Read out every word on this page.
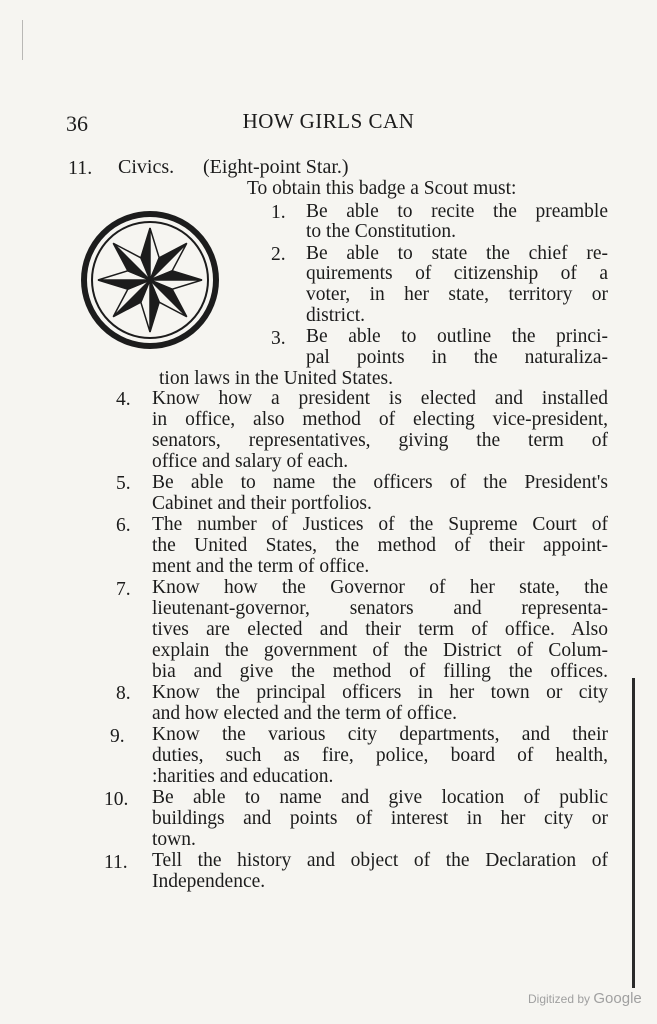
36	HOW GIRLS CAN
11. Civics. (Eight-point Star.)
To obtain this badge a Scout must:
1. Be able to recite the preamble
to the Constitution.
2. Be able to state the chief re-
quirements of citizenship of a
voter, in her state, territory or
district.
3. Be able to outline the princi-
pal points in the naturaliza-
tion laws in the United States.
4. Know how a president is elected and installed
in office, also method of electing vice-president,
senators, representatives, giving the term of
office and salary of each.
5. Be able to name the officers of the President's
Cabinet and their portfolios.
6. The number of Justices of the Supreme Court of
the United States, the method of their appoint-
ment and the term of office.
7. Know how the Governor of her state, the
lieutenant-governor, senators and representa-
tives are elected and their term of office. Also
explain the government of the District of Colum-
bia and give the method of filling the offices.
8. Know the principal officers in her town or city
and how elected and the term of office.
9. Know the various city departments, and their
duties, such as fire, police, board of health,
:harities and education.
10. Be able to name and give location of public
buildings and points of interest in her city or
town.
11. Tell the history and object of the Declaration of
Independence.
Digitized by Google
